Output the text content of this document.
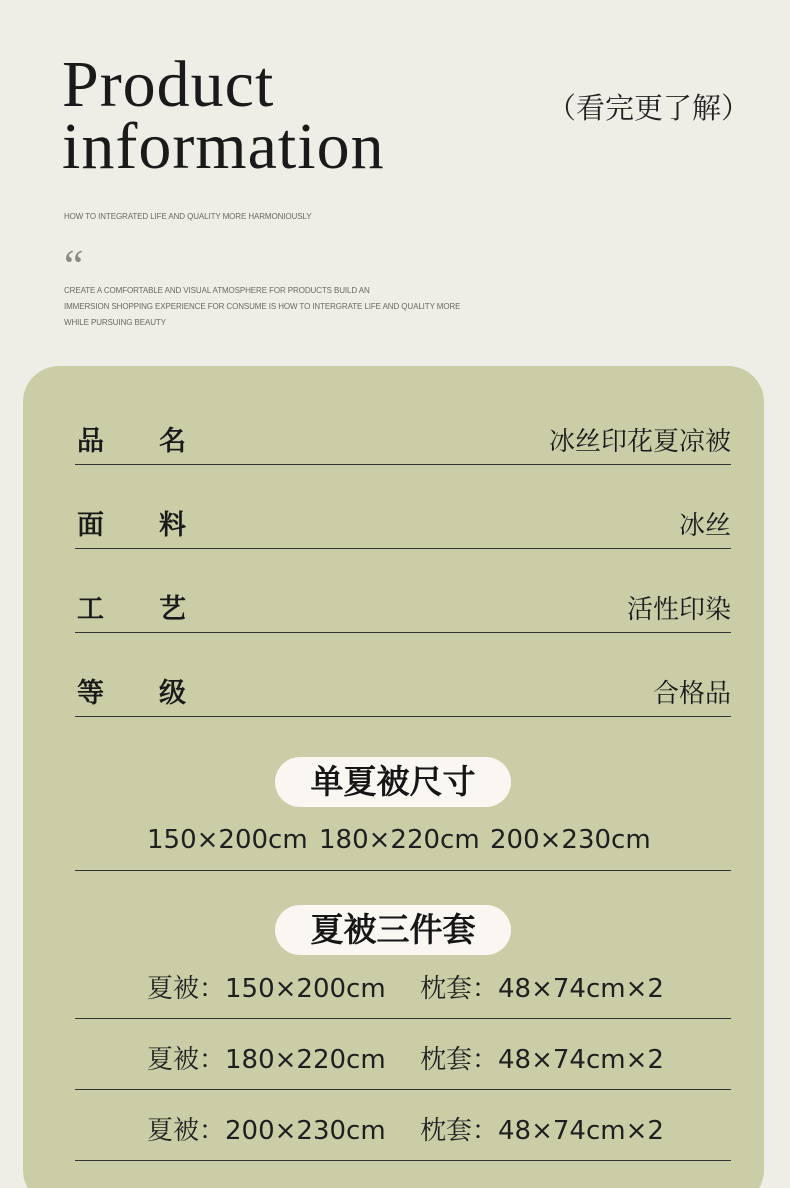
Product
information
（看完更了解）
HOW TO INTEGRATED LIFE AND QUALITY MORE HARMONIOUSLY
“
CREATE A COMFORTABLE AND VISUAL ATMOSPHERE FOR PRODUCTS BUILD AN
IMMERSION SHOPPING EXPERIENCE FOR CONSUME IS HOW TO INTERGRATE LIFE AND QUALITY MORE
WHILE PURSUING BEAUTY
品 名	冰丝印花夏凉被
面 料	冰丝
工 艺	活性印染
等 级	合格品
单夏被尺寸
150×200cm 180×220cm 200×230cm
夏被三件套
夏被：150×200cm 枕套：48×74cm×2
夏被：180×220cm 枕套：48×74cm×2
夏被：200×230cm 枕套：48×74cm×2
